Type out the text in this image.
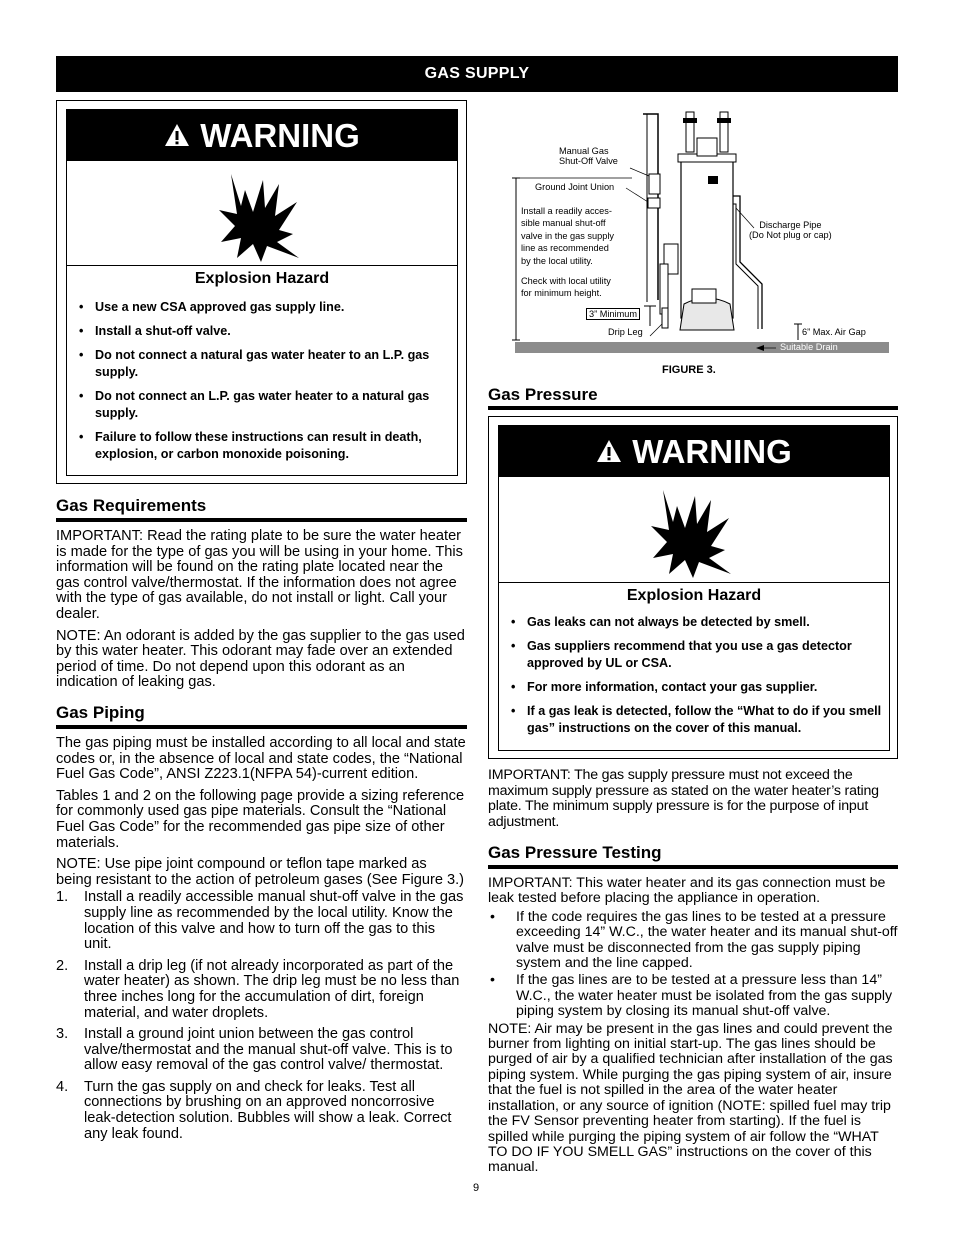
GAS SUPPLY
WARNING
Explosion Hazard
• Use a new CSA approved gas supply line.
• Install a shut-off valve.
• Do not connect a natural gas water heater to an L.P. gas supply.
• Do not connect an L.P. gas water heater to a natural gas supply.
• Failure to follow these instructions can result in death, explosion, or carbon monoxide poisoning.
Gas Requirements

IMPORTANT: Read the rating plate to be sure the water heater is made for the type of gas you will be using in your home. This information will be found on the rating plate located near the gas control valve/thermostat. If the information does not agree with the type of gas available, do not install or light. Call your dealer.

NOTE: An odorant is added by the gas supplier to the gas used by this water heater. This odorant may fade over an extended period of time. Do not depend upon this odorant as an indication of leaking gas.

Gas Piping

The gas piping must be installed according to all local and state codes or, in the absence of local and state codes, the “National Fuel Gas Code”, ANSI Z223.1(NFPA 54)-current edition.

Tables 1 and 2 on the following page provide a sizing reference for commonly used gas pipe materials. Consult the “National Fuel Gas Code” for the recommended gas pipe size of other materials.

NOTE: Use pipe joint compound or teflon tape marked as being resistant to the action of petroleum gases (See Figure 3.)

1. Install a readily accessible manual shut-off valve in the gas supply line as recommended by the local utility. Know the location of this valve and how to turn off the gas to this unit.
2. Install a drip leg (if not already incorporated as part of the water heater) as shown. The drip leg must be no less than three inches long for the accumulation of dirt, foreign material, and water droplets.
3. Install a ground joint union between the gas control valve/thermostat and the manual shut-off valve. This is to allow easy removal of the gas control valve/ thermostat.
4. Turn the gas supply on and check for leaks. Test all connections by brushing on an approved noncorrosive leak-detection solution. Bubbles will show a leak. Correct any leak found.
Manual Gas
Shut-Off Valve
Ground Joint Union
Install a readily acces-
sible manual shut-off
valve in the gas supply
line as recommended
by the local utility.
Check with local utility
for minimum height.
Discharge Pipe
(Do Not plug or cap)
3” Minimum
Drip Leg	6” Max. Air Gap
Suitable Drain
FIGURE 3.
Gas Pressure
WARNING
Explosion Hazard
• Gas leaks can not always be detected by smell.
• Gas suppliers recommend that you use a gas detector approved by UL or CSA.
• For more information, contact your gas supplier.
• If a gas leak is detected, follow the “What to do if you smell gas” instructions on the cover of this manual.
IMPORTANT: The gas supply pressure must not exceed the maximum supply pressure as stated on the water heater’s rating plate. The minimum supply pressure is for the purpose of input adjustment.
Gas Pressure Testing

IMPORTANT: This water heater and its gas connection must be leak tested before placing the appliance in operation.

• If the code requires the gas lines to be tested at a pressure exceeding 14” W.C., the water heater and its manual shut-off valve must be disconnected from the gas supply piping system and the line capped.
• If the gas lines are to be tested at a pressure less than 14” W.C., the water heater must be isolated from the gas supply piping system by closing its manual shut-off valve.

NOTE: Air may be present in the gas lines and could prevent the burner from lighting on initial start-up. The gas lines should be purged of air by a qualified technician after installation of the gas piping system. While purging the gas piping system of air, insure that the fuel is not spilled in the area of the water heater installation, or any source of ignition (NOTE: spilled fuel may trip the FV Sensor preventing heater from starting). If the fuel is spilled while purging the piping system of air follow the “WHAT TO DO IF YOU SMELL GAS” instructions on the cover of this manual.

9
